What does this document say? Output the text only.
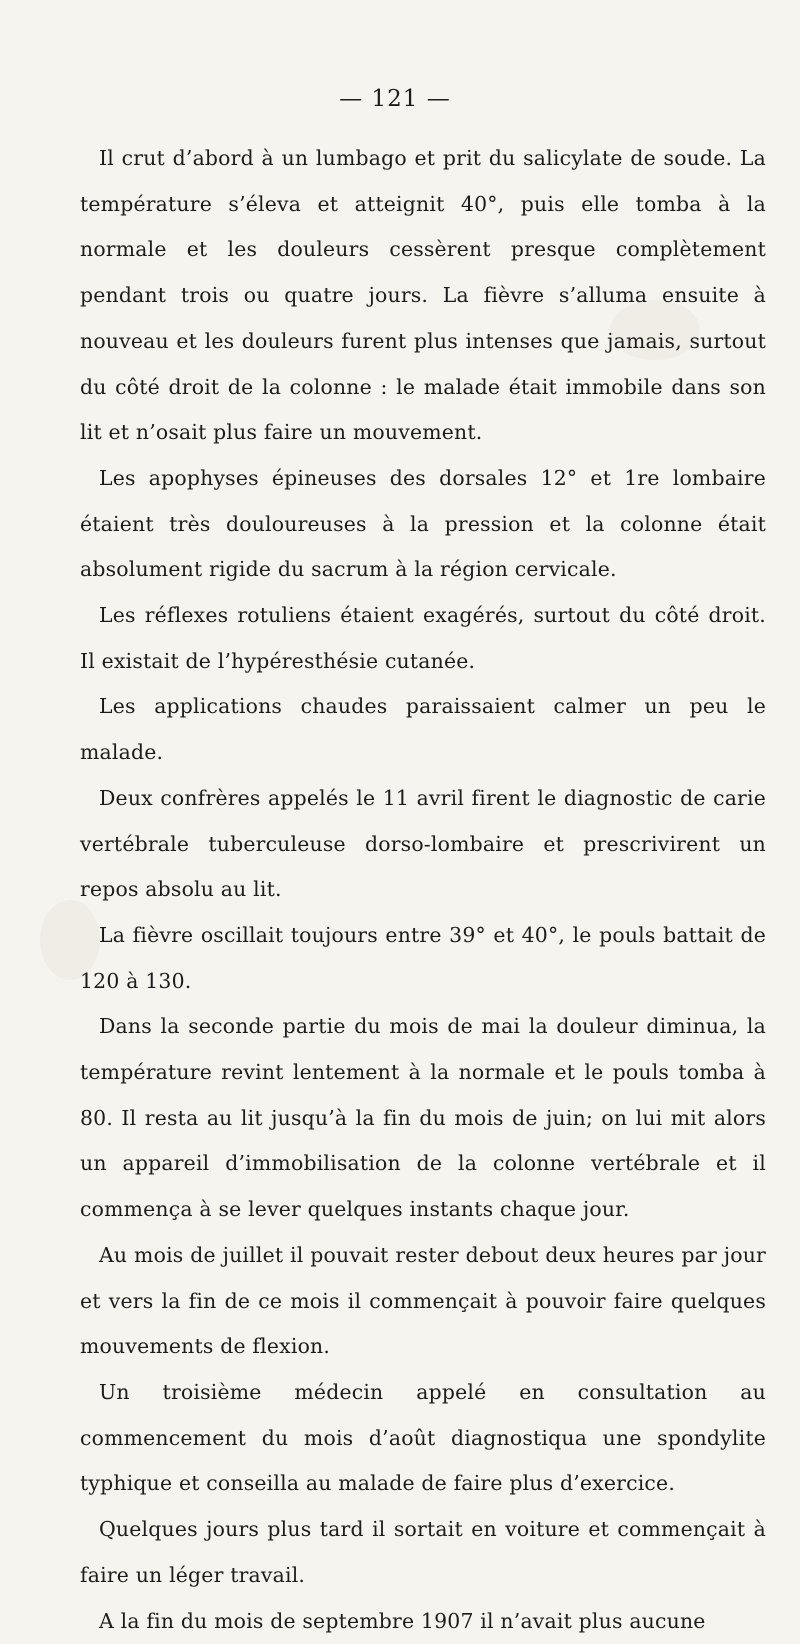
— 121 —

Il crut d’abord à un lumbago et prit du salicylate de soude. La température s’éleva et atteignit 40°, puis elle tomba à la normale et les douleurs cessèrent presque complètement pendant trois ou quatre jours. La fièvre s’alluma ensuite à nouveau et les douleurs furent plus intenses que jamais, surtout du côté droit de la colonne : le malade était immobile dans son lit et n’osait plus faire un mouvement.

Les apophyses épineuses des dorsales 12° et 1re lombaire étaient très douloureuses à la pression et la colonne était absolument rigide du sacrum à la région cervicale.

Les réflexes rotuliens étaient exagérés, surtout du côté droit. Il existait de l’hypéresthésie cutanée.

Les applications chaudes paraissaient calmer un peu le malade.

Deux confrères appelés le 11 avril firent le diagnostic de carie vertébrale tuberculeuse dorso-lombaire et prescrivirent un repos absolu au lit.

La fièvre oscillait toujours entre 39° et 40°, le pouls battait de 120 à 130.

Dans la seconde partie du mois de mai la douleur diminua, la température revint lentement à la normale et le pouls tomba à 80. Il resta au lit jusqu’à la fin du mois de juin; on lui mit alors un appareil d’immobilisation de la colonne vertébrale et il commença à se lever quelques instants chaque jour.

Au mois de juillet il pouvait rester debout deux heures par jour et vers la fin de ce mois il commençait à pouvoir faire quelques mouvements de flexion.

Un troisième médecin appelé en consultation au commencement du mois d’août diagnostiqua une spondylite typhique et conseilla au malade de faire plus d’exercice.

Quelques jours plus tard il sortait en voiture et commençait à faire un léger travail.

A la fin du mois de septembre 1907 il n’avait plus aucune
